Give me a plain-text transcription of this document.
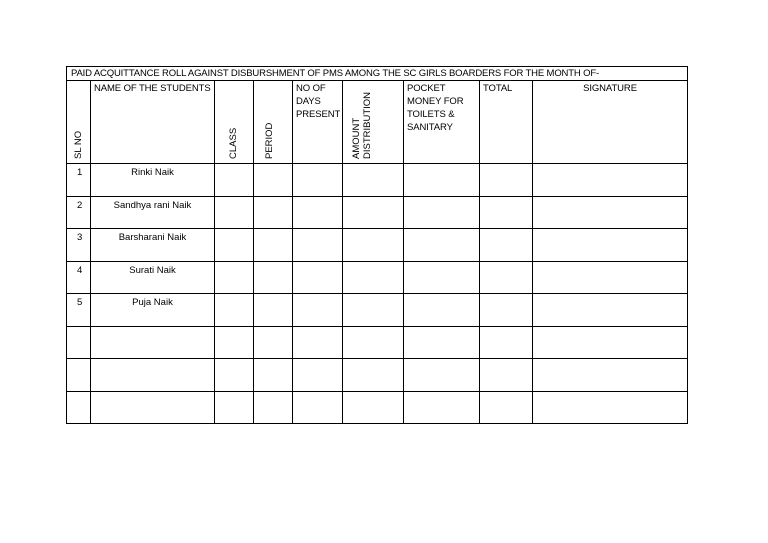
PAID ACQUITTANCE ROLL AGAINST DISBURSHMENT OF PMS AMONG THE SC GIRLS BOARDERS FOR THE MONTH OF-								

SL NO	NAME OF THE STUDENTS	CLASS	PERIOD	NO OF
DAYS
PRESENT	AMOUNT
DISTRIBUTION	POCKET
MONEY FOR
TOILETS &
SANITARY	TOTAL	SIGNATURE

1	Rinki Naik							

2	Sandhya rani Naik							

3	Barsharani Naik							

4	Surati Naik							

5	Puja Naik							
